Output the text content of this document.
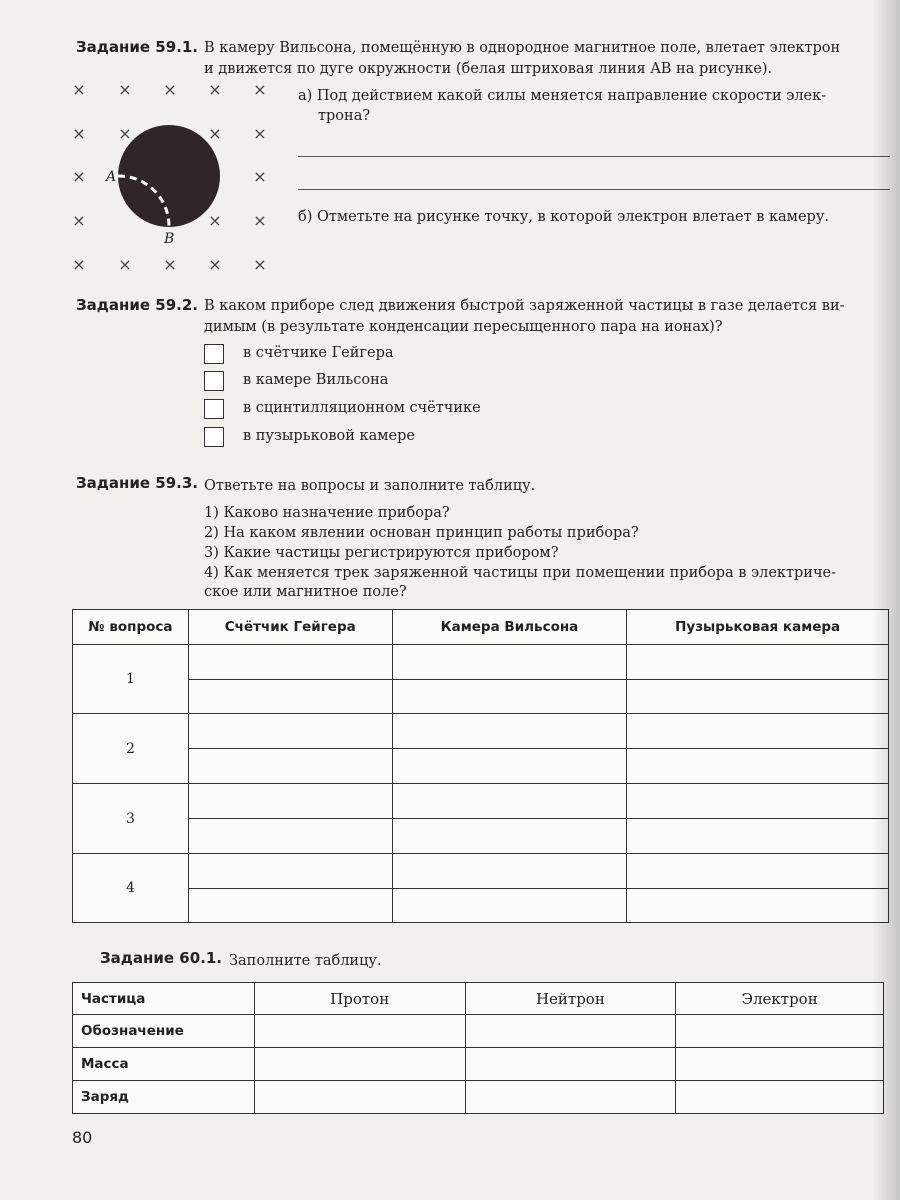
Задание 59.1. В камеру Вильсона, помещённую в однородное магнитное поле, влетает электрон
и движется по дуге окружности (белая штриховая линия AB на рисунке).
× × × × ×
× ×	× ×
×	×
×	× ×
× × × × ×
A
B
а) Под действием какой силы меняется направление скорости элек-
трона?
б) Отметьте на рисунке точку, в которой электрон влетает в камеру.
Задание 59.2. В каком приборе след движения быстрой заряженной частицы в газе делается ви-
димым (в результате конденсации пересыщенного пара на ионах)?
в счётчике Гейгера
в камере Вильсона
в сцинтилляционном счётчике
в пузырьковой камере
Задание 59.3. Ответьте на вопросы и заполните таблицу.
1) Каково назначение прибора?
2) На каком явлении основан принцип работы прибора?
3) Какие частицы регистрируются прибором?
4) Как меняется трек заряженной частицы при помещении прибора в электриче-
ское или магнитное поле?
№ вопроса	Счётчик Гейгера	Камера Вильсона	Пузырьковая камера
1			

2			

3			

4			

Задание 60.1. Заполните таблицу.
Частица	Протон	Нейтрон	Электрон
Обозначение			
Масса			
Заряд			
80
